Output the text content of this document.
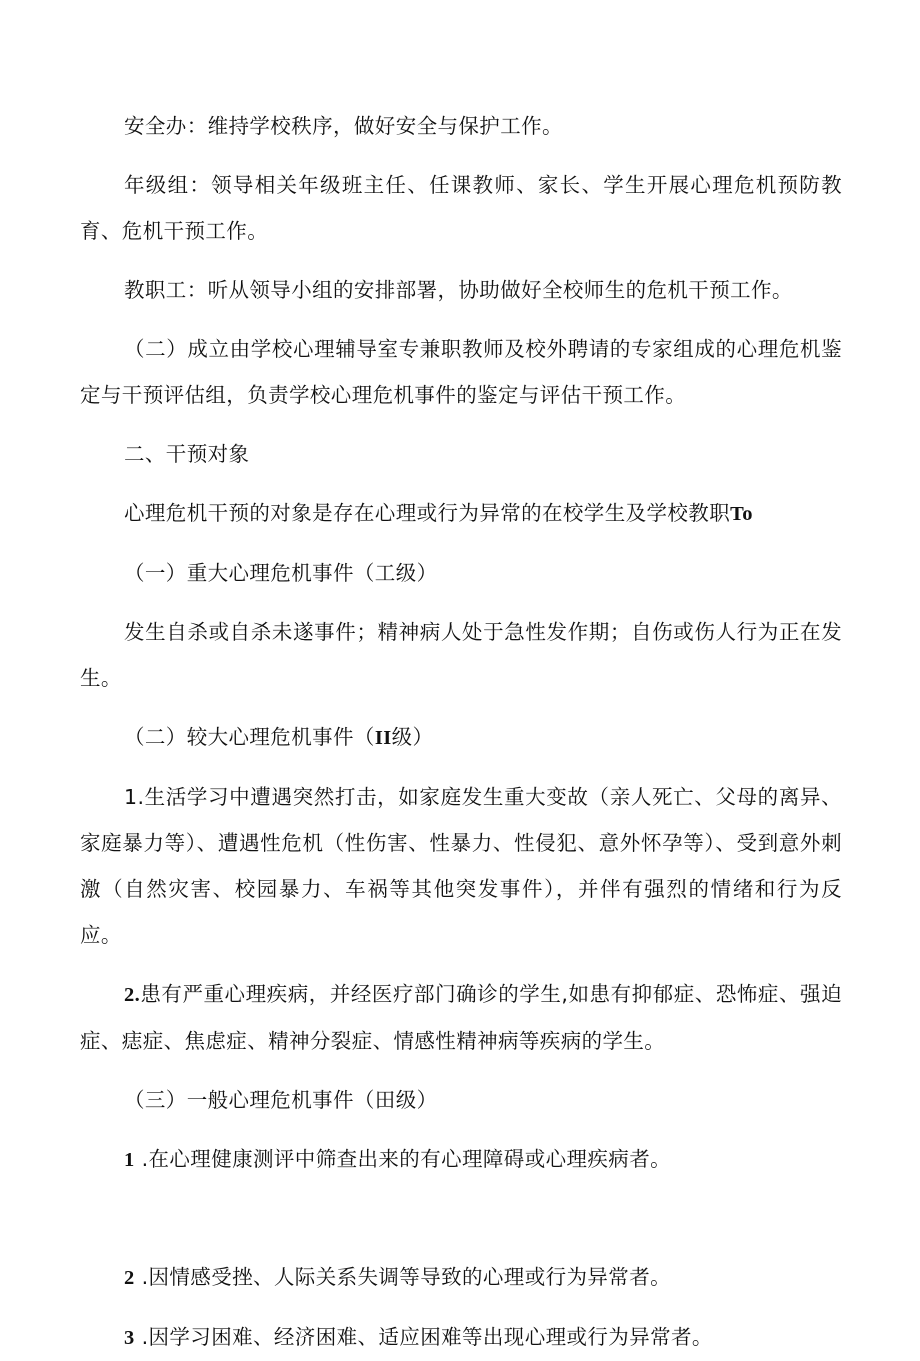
安全办：维持学校秩序，做好安全与保护工作。

年级组：领导相关年级班主任、任课教师、家长、学生开展心理危机预防教育、危机干预工作。

教职工：听从领导小组的安排部署，协助做好全校师生的危机干预工作。

（二）成立由学校心理辅导室专兼职教师及校外聘请的专家组成的心理危机鉴定与干预评估组，负责学校心理危机事件的鉴定与评估干预工作。

二、干预对象

心理危机干预的对象是存在心理或行为异常的在校学生及学校教职To

（一）重大心理危机事件（工级）

发生自杀或自杀未遂事件；精神病人处于急性发作期；自伤或伤人行为正在发生。

（二）较大心理危机事件（II级）

1.生活学习中遭遇突然打击，如家庭发生重大变故（亲人死亡、父母的离异、家庭暴力等）、遭遇性危机（性伤害、性暴力、性侵犯、意外怀孕等）、受到意外刺激（自然灾害、校园暴力、车祸等其他突发事件），并伴有强烈的情绪和行为反应。

2.患有严重心理疾病，并经医疗部门确诊的学生,如患有抑郁症、恐怖症、强迫症、痣症、焦虑症、精神分裂症、情感性精神病等疾病的学生。

（三）一般心理危机事件（田级）

1 .在心理健康测评中筛查出来的有心理障碍或心理疾病者。

2 .因情感受挫、人际关系失调等导致的心理或行为异常者。

3 .因学习困难、经济困难、适应困难等出现心理或行为异常者。
